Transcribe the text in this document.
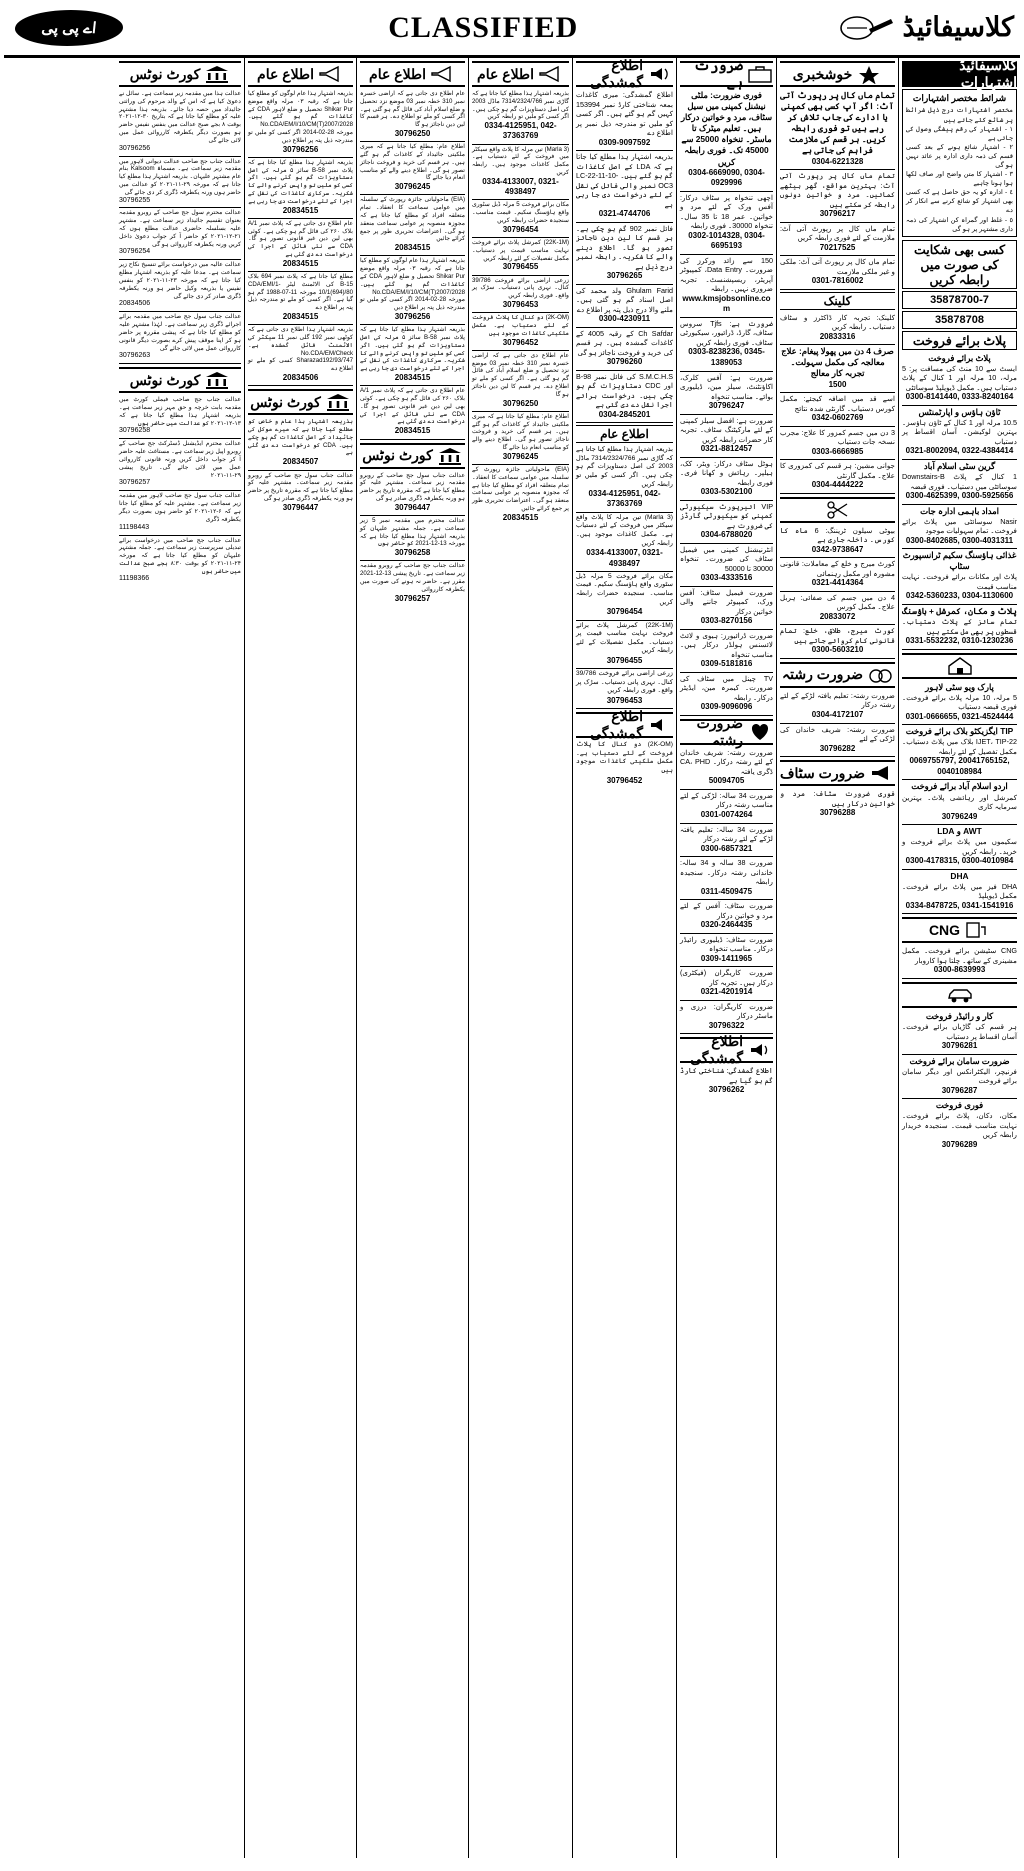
اے پی پی	CLASSIFIED	کلاسیفائیڈ
کلاسیفائیڈ اشتہارات
شرائط مختصر اشتہارات
مختصر اشتہارات درج ذیل شرائط پر شائع کئے جاتے ہیں
١ - اشتہار کی رقم پیشگی وصول کی جاتی ہے
٢ - اشتہار شائع ہونے کے بعد کسی قسم کی ذمہ داری ادارہ پر عائد نہیں ہو گی
٣ - اشتہار کا متن واضح اور صاف لکھا ہوا ہونا چاہیے
٤ - ادارہ کو یہ حق حاصل ہے کہ کسی بھی اشتہار کو شائع کرنے سے انکار کر دے
٥ - غلط اور گمراہ کن اشتہار کی ذمہ داری مشتہر پر ہو گی
کسی بھی شکایت کی صورت میں رابطہ کریں
35878700-7
35878708
پلاٹ برائے فروخت
پلاٹ برائے فروخت
ایسٹ سے 10 منٹ کی مسافت پر: 5 مرلہ، 10 مرلہ اور 1 کنال کے پلاٹ دستیاب ہیں۔ مکمل ڈیویلپڈ سوسائٹی
0300-8141440, 0333-8240164
ٹاؤن ہاؤس و اپارٹمنٹس
10.5 مرلہ اور 1 کنال کے ٹاؤن ہاؤسز۔ بہترین لوکیشن۔ آسان اقساط پر دستیاب
0321-8002094, 0322-4384414
گرین سٹی اسلام آباد
1 کنال کے پلاٹ Downstairs-B سوسائٹی میں دستیاب۔ فوری قبضہ
0300-4625399, 0300-5925656
امداد باہمی ادارہ جات
Nasir سوسائٹی میں پلاٹ برائے فروخت۔ تمام سہولیات موجود
0300-8402685, 0300-4031311
غذائی ہاؤسنگ سکیم ٹرانسپورٹ سٹاپ
پلاٹ اور مکانات برائے فروخت۔ نہایت مناسب قیمت
0342-5360233, 0304-1130600
پلاٹ و مکان، کمرشل + ہاؤسنگ
تمام سائز کے پلاٹ دستیاب۔ قسطوں پر بھی مل سکتے ہیں
0331-5532232, 0310-1230236
پارک ویو سٹی لاہور
5 مرلہ، 10 مرلہ پلاٹ برائے فروخت۔ فوری قبضہ دستیاب
0301-0666655, 0321-4524444
TIP ایگزیکٹو بلاک برائے فروخت
IJET، TIP-22 بلاک میں پلاٹ دستیاب۔ مکمل تفصیل کے لئے رابطہ
0069755797, 20041765152, 0040108984
اردو اسلام آباد برائے فروخت
کمرشل اور رہائشی پلاٹ۔ بہترین سرمایہ کاری
30796249
AWT و LDA
سکیموں میں پلاٹ برائے فروخت و خرید۔ رابطہ کریں
0300-4178315, 0300-4010984
DHA
DHA فیز میں پلاٹ برائے فروخت۔ مکمل ڈیویلپڈ
0334-8478725, 0341-1541916
CNG
CNG سٹیشن برائے فروخت۔ مکمل مشینری کے ساتھ۔ چلتا ہوا کاروبار
0300-8639993
کار و رائیڈر فروخت
ہر قسم کی گاڑیاں برائے فروخت۔ آسان اقساط پر دستیاب
30796281
ضرورت سامان برائے فروخت
فرنیچر، الیکٹرانکس اور دیگر سامان برائے فروخت
30796287
فوری فروخت
مکان، دکان، پلاٹ برائے فروخت۔ نہایت مناسب قیمت۔ سنجیدہ خریدار رابطہ کریں
30796289
خوشخبری
تمام ماں کال پر رپورٹ آتی آٹ: اگر آپ کسی بھی کمپنی یا ادارے کی جاب تلاش کر رہے ہیں تو فوری رابطہ کریں۔ ہر قسم کی ملازمت فراہم کی جاتی ہے
0304-6221328
تمام ماں کال پر رپورٹ آتی آٹ: بہترین مواقع، گھر بیٹھے کمائیں۔ مرد و خواتین دونوں رابطہ کر سکتے ہیں
30796217
تمام ماں کال پر رپورٹ آتی آٹ: ملازمت کے لئے فوری رابطہ کریں
70217525
تمام ماں کال پر رپورٹ آتی آٹ: ملکی و غیر ملکی ملازمت
0301-7816002
کلینک
کلینک: تجربہ کار ڈاکٹرز و سٹاف دستیاب۔ رابطہ کریں
20833316
صرف 4 دن میں پھولا پیغام: علاج معالجہ کی مکمل سہولت۔ تجربہ کار معالج
1500
اسے قد میں اضافہ کیجئے: مکمل کورس دستیاب۔ گارنٹی شدہ نتائج
0342-0602769
3 دن میں جسم کمزور کا علاج: مجرب نسخہ جات دستیاب
0303-6666985
جوانی مشین: ہر قسم کی کمزوری کا علاج۔ مکمل گارنٹی
0304-4444222
بیوٹی سیلون ٹریننگ: 6 ماہ کا کورس۔ داخلہ جاری ہے
0342-9738647
کورٹ میرج و خلع کے معاملات: قانونی مشورہ اور مکمل رہنمائی
0321-4414364
4 دن میں جسم کی صفائی: ہربل علاج۔ مکمل کورس
20833072
کورٹ میرج، طلاق، خلع: تمام قانونی کام کروائے جاتے ہیں
0300-5603210
ضرورت رشتہ
ضرورت رشتہ: تعلیم یافتہ لڑکے کے لئے رشتہ درکار
0304-4172107
ضرورت رشتہ: شریف خاندان کی لڑکی کے لئے
30796282
ضرورت سٹاف
فوری ضرورت سٹاف: مرد و خواتین درکار ہیں
30796288
ضرورت ہے
فوری ضرورت: ملٹی نیشنل کمپنی میں سیل سٹاف، مرد و خواتین درکار ہیں۔ تعلیم میٹرک تا ماسٹر۔ تنخواہ 25000 سے 45000 تک۔ فوری رابطہ کریں
0304-6669090, 0304-0929996
اچھی تنخواہ پر سٹاف درکار: آفس ورک کے لئے مرد و خواتین۔ عمر 18 تا 35 سال۔ تنخواہ 30000۔ فوری رابطہ
0302-1014328, 0304-6695193
150 سے زائد ورکرز کی ضرورت۔ Data Entry، کمپیوٹر آپریٹر، ریسپشنسٹ۔ تجربہ ضروری نہیں۔ رابطہ
www.kmsjobsonline.com
ضرورت ہے: Tjfs سروس سٹاف، گارڈ، ڈرائیور، سیکیورٹی سٹاف۔ فوری رابطہ کریں
0303-8238236, 0345-1389053
ضرورت ہے: آفس کلرک، اکاؤنٹنٹ، سیلز مین، ڈیلیوری بوائے۔ مناسب تنخواہ
30796247
ضرورت ہے: افضل سیلز کمپنی کے لئے مارکیٹنگ سٹاف۔ تجربہ کار حضرات رابطہ کریں
0321-8812457
ہوٹل سٹاف درکار: ویٹر، کک، ہیلپر۔ رہائش و کھانا فری۔ فوری رابطہ
0303-5302100
VIP ائیرپورٹ سیکیورٹی کمپنی کو سیکیورٹی گارڈز کی ضرورت ہے
0304-6788020
انٹرنیشنل کمپنی میں فیمیل سٹاف کی ضرورت۔ تنخواہ 30000 تا 50000
0303-4333516
ضرورت فیمیل سٹاف: آفس ورک، کمپیوٹر جاننے والی خواتین درکار
0303-8270156
ضرورت ڈرائیورز: ہیوی و لائٹ لائسنس ہولڈر درکار ہیں۔ مناسب تنخواہ
0309-5181816
TV چینل میں سٹاف کی ضرورت۔ کیمرہ مین، ایڈیٹر درکار۔ رابطہ
0309-9096096
ضرورت رشتہ
ضرورت رشتہ: شریف خاندان کے لئے رشتہ درکار۔ CA، PHD ڈگری یافتہ
50094705
ضرورت 34 سالہ: لڑکی کے لئے مناسب رشتہ درکار
0301-0074264
ضرورت 34 سالہ: تعلیم یافتہ لڑکے کے لئے رشتہ درکار
0300-6857321
ضرورت 38 سالہ و 34 سالہ: خاندانی رشتہ درکار۔ سنجیدہ رابطہ
0311-4509475
ضرورت سٹاف: آفس کے لئے مرد و خواتین درکار
0320-2464435
ضرورت سٹاف: ڈیلیوری رائیڈر درکار۔ مناسب تنخواہ
0309-1411965
ضرورت کاریگران (فیکٹری) درکار ہیں۔ تجربہ کار
0321-4201914
ضرورت کاریگران: درزی و ماسٹر درکار
30796322
اطلاع گمشدگی
اطلاع گمشدگی: شناختی کارڈ گم ہو گیا ہے
30796262
اطلاع گمشدگی
اطلاع گمشدگی: میری کاغذات بمعہ شناختی کارڈ نمبر 153994 کہیں گم ہو گئے ہیں۔ اگر کسی کو ملیں تو مندرجہ ذیل نمبر پر اطلاع دے
0309-9097592
بذریعہ اشتہار ہذا مطلع کیا جاتا ہے کہ LDA کے اصل کاغذات گم ہو گئے ہیں۔ LC-22-11-10-OC3 نمبر والی فائل کی نقل کے لئے درخواست دی جا رہی ہے
0321-4744706
فائل نمبر 902 گم ہو چکی ہے۔ ہر قسم کا لین دین ناجائز تصور ہو گا۔ اطلاع دینے والے کا شکریہ۔ رابطہ نمبر درج ذیل ہے
30796265
Ghulam Farid ولد محمد کی اصل اسناد گم ہو گئی ہیں۔ ملنے والا درج ذیل پتہ پر اطلاع دے
0300-4230911
Ch Safdar کے رقبہ 4005 کے کاغذات گمشدہ ہیں۔ ہر قسم کی خرید و فروخت ناجائز ہو گی
30796260
S.M.C.H.S کی فائل نمبر B-98 اور CDC دستاویزات گم ہو چکی ہیں۔ درخواست برائے اجرا نقل دے دی گئی ہے
0304-2845201
اطلاع عام
بذریعہ اشتہار ہذا مطلع کیا جاتا ہے کہ گاڑی نمبر 7314/2324/766 ماڈل 2003 کی اصل دستاویزات گم ہو چکی ہیں۔ اگر کسی کو ملیں تو رابطہ کریں
0334-4125951, 042-37363769
(3 Marla) تین مرلہ کا پلاٹ واقع سیکٹر میں فروخت کے لئے دستیاب ہے۔ مکمل کاغذات موجود ہیں۔ رابطہ کریں
0334-4133007, 0321-4938497
مکان برائے فروخت 5 مرلہ ڈبل سٹوری واقع ہاؤسنگ سکیم۔ قیمت مناسب۔ سنجیدہ حضرات رابطہ کریں
30796454
(22K-1M) کمرشل پلاٹ برائے فروخت نہایت مناسب قیمت پر دستیاب۔ مکمل تفصیلات کے لئے رابطہ کریں
30796455
زرعی اراضی برائے فروخت 39/786 کنال۔ نہری پانی دستیاب۔ سڑک پر واقع۔ فوری رابطہ کریں
30796453
اطلاع گمشدگی
(2K-OM) دو کنال کا پلاٹ فروخت کے لئے دستیاب ہے۔ مکمل ملکیتی کاغذات موجود ہیں
30796452
اطلاع عام
بذریعہ اشتہار ہذا مطلع کیا جاتا ہے کہ گاڑی نمبر 7314/2324/766 ماڈل 2003 کی اصل دستاویزات گم ہو چکی ہیں۔ اگر کسی کو ملیں تو رابطہ کریں
0334-4125951, 042-37363769
(3 Marla) تین مرلہ کا پلاٹ واقع سیکٹر میں فروخت کے لئے دستیاب ہے۔ مکمل کاغذات موجود ہیں۔ رابطہ کریں
0334-4133007, 0321-4938497
مکان برائے فروخت 5 مرلہ ڈبل سٹوری واقع ہاؤسنگ سکیم۔ قیمت مناسب۔ سنجیدہ حضرات رابطہ کریں
30796454
(22K-1M) کمرشل پلاٹ برائے فروخت نہایت مناسب قیمت پر دستیاب۔ مکمل تفصیلات کے لئے رابطہ کریں
30796455
زرعی اراضی برائے فروخت 39/786 کنال۔ نہری پانی دستیاب۔ سڑک پر واقع۔ فوری رابطہ کریں
30796453
(2K-OM) دو کنال کا پلاٹ فروخت کے لئے دستیاب ہے۔ مکمل ملکیتی کاغذات موجود ہیں
30796452
عام اطلاع دی جاتی ہے کہ اراضی خسرہ نمبر 310 خطہ نمبر 03 موضع نزد تحصیل و ضلع اسلام آباد کی فائل گم ہو گئی ہے۔ اگر کسی کو ملے تو اطلاع دے۔ ہر قسم کا لین دین ناجائز ہو گا
30796250
اطلاع عام: مطلع کیا جاتا ہے کہ میری ملکیتی جائیداد کے کاغذات گم ہو گئے ہیں۔ ہر قسم کی خرید و فروخت ناجائز تصور ہو گی۔ اطلاع دینے والے کو مناسب انعام دیا جائے گا
30796245
(EIA) ماحولیاتی جائزہ رپورٹ کے سلسلہ میں عوامی سماعت کا انعقاد۔ تمام متعلقہ افراد کو مطلع کیا جاتا ہے کہ مجوزہ منصوبہ پر عوامی سماعت منعقد ہو گی۔ اعتراضات تحریری طور پر جمع کرائے جائیں
20834515
اطلاع عام
عام اطلاع دی جاتی ہے کہ اراضی خسرہ نمبر 310 خطہ نمبر 03 موضع نزد تحصیل و ضلع اسلام آباد کی فائل گم ہو گئی ہے۔ اگر کسی کو ملے تو اطلاع دے۔ ہر قسم کا لین دین ناجائز ہو گا
30796250
اطلاع عام: مطلع کیا جاتا ہے کہ میری ملکیتی جائیداد کے کاغذات گم ہو گئے ہیں۔ ہر قسم کی خرید و فروخت ناجائز تصور ہو گی۔ اطلاع دینے والے کو مناسب انعام دیا جائے گا
30796245
(EIA) ماحولیاتی جائزہ رپورٹ کے سلسلہ میں عوامی سماعت کا انعقاد۔ تمام متعلقہ افراد کو مطلع کیا جاتا ہے کہ مجوزہ منصوبہ پر عوامی سماعت منعقد ہو گی۔ اعتراضات تحریری طور پر جمع کرائے جائیں
20834515
بذریعہ اشتہار ہذا عام لوگوں کو مطلع کیا جاتا ہے کہ رقبہ ۰۳ مرلہ واقع موضع Shikar Pur تحصیل و ضلع لاہور CDA کے کاغذات گم ہو گئے ہیں۔ No.CDA/EM/I/10/CM(T)2007/2028 مورخہ 28-02-2014 اگر کسی کو ملیں تو مندرجہ ذیل پتہ پر اطلاع دیں
30796256
بذریعہ اشتہار ہذا مطلع کیا جاتا ہے کہ پلاٹ نمبر B-58 سائز ۵ مرلہ کی اصل دستاویزات گم ہو گئی ہیں۔ اگر کسی کو ملیں تو واپس کرنے والے کا شکریہ۔ سرکاری کاغذات کی نقل کے اجرا کے لئے درخواست دی جا رہی ہے
20834515
عام اطلاع دی جاتی ہے کہ پلاٹ نمبر A/1 بلاک ۲۶۰ کی فائل گم ہو چکی ہے۔ کوئی بھی لین دین غیر قانونی تصور ہو گا۔ CDA سے نئی فائل کے اجرا کی درخواست دے دی گئی ہے
20834515
کورٹ نوٹس
عدالت جناب سول جج صاحب کے روبرو مقدمہ زیر سماعت۔ مشتہر علیہ کو مطلع کیا جاتا ہے کہ مقررہ تاریخ پر حاضر ہو ورنہ یکطرفہ ڈگری صادر ہو گی
30796447
عدالت محترم میں مقدمہ نمبر 5 زیر سماعت ہے۔ جملہ مشتہر علیہان کو بذریعہ اشتہار ہذا مطلع کیا جاتا ہے کہ مورخہ 13-12-2021 کو حاضر ہوں
30796258
عدالت جناب جج صاحب کے روبرو مقدمہ زیر سماعت ہے۔ تاریخ پیشی 13-12-2021 مقرر ہے۔ حاضر نہ ہونے کی صورت میں یکطرفہ کارروائی
30796257
اطلاع عام
بذریعہ اشتہار ہذا عام لوگوں کو مطلع کیا جاتا ہے کہ رقبہ ۰۳ مرلہ واقع موضع Shikar Pur تحصیل و ضلع لاہور CDA کے کاغذات گم ہو گئے ہیں۔ No.CDA/EM/I/10/CM(T)2007/2028 مورخہ 28-02-2014 اگر کسی کو ملیں تو مندرجہ ذیل پتہ پر اطلاع دیں
30796256
بذریعہ اشتہار ہذا مطلع کیا جاتا ہے کہ پلاٹ نمبر B-58 سائز ۵ مرلہ کی اصل دستاویزات گم ہو گئی ہیں۔ اگر کسی کو ملیں تو واپس کرنے والے کا شکریہ۔ سرکاری کاغذات کی نقل کے اجرا کے لئے درخواست دی جا رہی ہے
20834515
عام اطلاع دی جاتی ہے کہ پلاٹ نمبر A/1 بلاک ۲۶۰ کی فائل گم ہو چکی ہے۔ کوئی بھی لین دین غیر قانونی تصور ہو گا۔ CDA سے نئی فائل کے اجرا کی درخواست دے دی گئی ہے
20834515
مطلع کیا جاتا ہے کہ پلاٹ نمبر 694 بلاک B-15 کی الاٹمنٹ لیٹر CDA/EMI/1-10/1(694)/80 مورخہ 11-07-1988 گم ہو گیا ہے۔ اگر کسی کو ملے تو مندرجہ ذیل پتہ پر اطلاع دے
20834515
بذریعہ اشتہار ہذا اطلاع دی جاتی ہے کہ کوٹھی نمبر 192 گلی نمبر 11 سیکٹر کی الاٹمنٹ فائل گمشدہ ہے۔ No.CDA/EM/Check Sharazad192/93/747 کسی کو ملے تو اطلاع دے
20834506
کورٹ نوٹس
بذریعہ اشتہار ہذا عام و خاص کو مطلع کیا جاتا ہے کہ میرے موکل کی جائیداد کے اصل کاغذات گم ہو چکے ہیں۔ CDA کو درخواست دے دی گئی ہے
20834507
عدالت جناب سول جج صاحب کے روبرو مقدمہ زیر سماعت۔ مشتہر علیہ کو مطلع کیا جاتا ہے کہ مقررہ تاریخ پر حاضر ہو ورنہ یکطرفہ ڈگری صادر ہو گی
30796447
کورٹ نوٹس
عدالت ہذا میں مقدمہ زیر سماعت ہے۔ سائل نے دعویٰ کیا ہے کہ اس کے والد مرحوم کی وراثتی جائیداد میں حصہ دیا جائے۔ بذریعہ ہذا مشتہر علیہ کو مطلع کیا جاتا ہے کہ بتاریخ ۳۰-۱۲-۲۰۲۱ بوقت ۸ بجے صبح عدالت میں بنفس نفیس حاضر ہو بصورت دیگر یکطرفہ کارروائی عمل میں لائی جائے گی
30796256
عدالت جناب جج صاحب عدالت دیوانی لاہور میں مقدمہ زیر سماعت ہے۔ مسماۃ Kalsoom بنام عام مشتہر علیہان۔ بذریعہ اشتہار ہذا مطلع کیا جاتا ہے کہ مورخہ ۲۹-۱۱-۲۰۲۱ کو عدالت میں حاضر ہوں ورنہ یکطرفہ ڈگری کر دی جائے گی
30796255
عدالت محترم سول جج صاحب کے روبرو مقدمہ بعنوان تقسیم جائیداد زیر سماعت ہے۔ مشتہر علیہ بسلسلہ حاضری عدالت مطلع ہوں کہ ۲۱-۱۲-۲۰۲۱ کو حاضر آ کر جواب دعویٰ داخل کریں ورنہ یکطرفہ کارروائی ہو گی
30796254
عدالت عالیہ میں درخواست برائے تنسیخ نکاح زیر سماعت ہے۔ مدعا علیہ کو بذریعہ اشتہار مطلع کیا جاتا ہے کہ مورخہ ۲۳-۱۱-۲۰۲۱ کو بنفس نفیس یا بذریعہ وکیل حاضر ہو ورنہ یکطرفہ ڈگری صادر کر دی جائے گی
20834506
عدالت جناب سول جج صاحب میں مقدمہ برائے اجرائے ڈگری زیر سماعت ہے۔ لہٰذا مشتہر علیہ کو مطلع کیا جاتا ہے کہ پیشی مقررہ پر حاضر ہو کر اپنا موقف پیش کرے بصورت دیگر قانونی کارروائی عمل میں لائی جائے گی
30796263
کورٹ نوٹس
عدالت جناب جج صاحب فیملی کورٹ میں مقدمہ بابت خرچہ و حق مہر زیر سماعت ہے۔ بذریعہ اشتہار ہذا مطلع کیا جاتا ہے کہ ۱۳-۱۲-۲۰۲۱ کو عدالت میں حاضر ہوں
30796258
عدالت محترم ایڈیشنل ڈسٹرکٹ جج صاحب کے روبرو اپیل زیر سماعت ہے۔ مستاغث علیہ حاضر آ کر جواب داخل کریں ورنہ قانونی کارروائی عمل میں لائی جائے گی۔ تاریخ پیشی ۲۹-۱۱-۲۰۲۱
30796257
عدالت جناب سول جج صاحب لاہور میں مقدمہ زیر سماعت ہے۔ مشتہر علیہ کو مطلع کیا جاتا ہے کہ ۶-۱۲-۲۰۲۱ کو حاضر ہوں بصورت دیگر یکطرفہ ڈگری
11198443
عدالت جناب جج صاحب میں درخواست برائے تبدیلی سرپرست زیر سماعت ہے۔ جملہ مشتہر علیہان کو مطلع کیا جاتا ہے کہ مورخہ ۲۴-۱۱-۲۰۲۱ کو بوقت ۸:۳۰ بجے صبح عدالت میں حاضر ہوں
11198366
